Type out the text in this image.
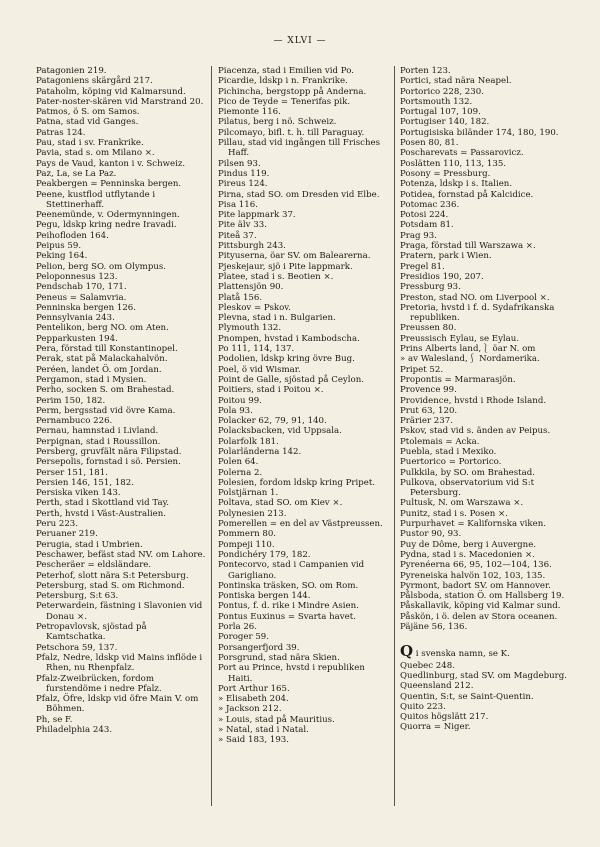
— XLVI —

Patagonien 219.

Patagoniens skärgård 217.

Pataholm, köping vid Kalmarsund.

Pater-noster-skären vid Marstrand 20.

Patmos, ö S. om Samos.

Patna, stad vid Ganges.

Patras 124.

Pau, stad i sv. Frankrike.

Pavia, stad s. om Milano ×.

Pays de Vaud, kanton i v. Schweiz.

Paz, La, se La Paz.

Peakbergen = Penninska bergen.

Peene, kustflod utflytande i Stettinerhaff.

Peenemünde, v. Odermynningen.

Pegu, ldskp kring nedre Iravadi.

Peihofloden 164.

Peipus 59.

Peking 164.

Pelion, berg SO. om Olympus.

Peloponnesus 123.

Pendschab 170, 171.

Peneus = Salamvria.

Penninska bergen 126.

Pennsylvania 243.

Pentelikon, berg NO. om Aten.

Pepparkusten 194.

Pera, förstad till Konstantinopel.

Perak, stat på Malackahalvön.

Peréen, landet Ö. om Jordan.

Pergamon, stad i Mysien.

Perho, socken S. om Brahestad.

Perim 150, 182.

Perm, bergsstad vid övre Kama.

Pernambuco 226.

Pernau, hamnstad i Livland.

Perpignan, stad i Roussillon.

Persberg, gruvfält nära Filipstad.

Persepolis, fornstad i sö. Persien.

Perser 151, 181.

Persien 146, 151, 182.

Persiska viken 143.

Perth, stad i Skottland vid Tay.

Perth, hvstd i Väst-Australien.

Peru 223.

Peruaner 219.

Perugia, stad i Umbrien.

Peschawer, befäst stad NV. om Lahore.

Pescheräer = eldsländare.

Peterhof, slott nära S:t Petersburg.

Petersburg, stad S. om Richmond.

Petersburg, S:t 63.

Peterwardein, fästning i Slavonien vid Donau ×.

Petropavlovsk, sjöstad på Kamtschatka.

Petschora 59, 137.

Pfalz, Nedre, ldskp vid Mains inflöde i Rhen, nu Rhenpfalz.

Pfalz-Zweibrücken, fordom furstendöme i nedre Pfalz.

Pfalz, Öfre, ldskp vid öfre Main V. om Böhmen.

Ph, se F.

Philadelphia 243.

Piacenza, stad i Emilien vid Po.

Picardie, ldskp i n. Frankrike.

Pichincha, bergstopp på Anderna.

Pico de Teyde = Tenerifas pik.

Piemonte 116.

Pilatus, berg i nö. Schweiz.

Pilcomayo, bifl. t. h. till Paraguay.

Pillau, stad vid ingången till Frisches Haff.

Pilsen 93.

Pindus 119.

Pireus 124.

Pirna, stad SO. om Dresden vid Elbe.

Pisa 116.

Pite lappmark 37.

Pite älv 33.

Piteå 37.

Pittsburgh 243.

Pityuserna, öar SV. om Balearerna.

Pjeskejaur, sjö i Pite lappmark.

Platee, stad i s. Beotien ×.

Plattensjön 90.

Platå 156.

Pleskov = Pskov.

Plevna, stad i n. Bulgarien.

Plymouth 132.

Pnompen, hvstad i Kambodscha.

Po 111, 114, 137.

Podolien, ldskp kring övre Bug.

Poel, ö vid Wismar.

Point de Galle, sjöstad på Ceylon.

Poitiers, stad i Poitou ×.

Poitou 99.

Pola 93.

Polacker 62, 79, 91, 140.

Polacksbacken, vid Uppsala.

Polarfolk 181.

Polarländerna 142.

Polen 64.

Polerna 2.

Polesien, fordom ldskp kring Pripet.

Polstjärnan 1.

Poltava, stad SO. om Kiev ×.

Polynesien 213.

Pomerellen = en del av Västpreussen.

Pommern 80.

Pompeji 110.

Pondichéry 179, 182.

Pontecorvo, stad i Campanien vid Garigliano.

Pontinska träsken, SO. om Rom.

Pontiska bergen 144.

Pontus, f. d. rike i Mindre Asien.

Pontus Euxinus = Svarta havet.

Porla 26.

Poroger 59.

Porsangerfjord 39.

Porsgrund, stad nära Skien.

Port au Prince, hvstd i republiken Haiti.

Port Arthur 165.

» Elisabeth 204.

» Jackson 212.

» Louis, stad på Mauritius.

» Natal, stad i Natal.

» Said 183, 193.

Porten 123.

Portici, stad nära Neapel.

Portorico 228, 230.

Portsmouth 132.

Portugal 107, 109.

Portugiser 140, 182.

Portugisiska biländer 174, 180, 190.

Posen 80, 81.

Poscharevats = Passarovicz.

Poslätten 110, 113, 135.

Posony = Pressburg.

Potenza, ldskp i s. Italien.

Potidea, fornstad på Kalcidice.

Potomac 236.

Potosi 224.

Potsdam 81.

Prag 93.

Praga, förstad till Warszawa ×.

Pratern, park i Wien.

Pregel 81.

Presidios 190, 207.

Pressburg 93.

Preston, stad NO. om Liverpool ×.

Pretoria, hvstd i f. d. Sydafrikanska republiken.

Preussen 80.

Preussisch Eylau, se Eylau.

Prins Alberts land,⎱ öar N. om

» av Walesland,⎰ Nordamerika.

Pripet 52.

Propontis = Marmarasjön.

Provence 99.

Providence, hvstd i Rhode Island.

Prut 63, 120.

Prärier 237.

Pskov, stad vid s. änden av Peipus.

Ptolemais = Acka.

Puebla, stad i Mexiko.

Puertorico = Portorico.

Pulkkila, by SO. om Brahestad.

Pulkova, observatorium vid S:t Petersburg.

Pultusk, N. om Warszawa ×.

Punitz, stad i s. Posen ×.

Purpurhavet = Kalifornska viken.

Pustor 90, 93.

Puy de Dôme, berg i Auvergne.

Pydna, stad i s. Macedonien ×.

Pyrenéerna 66, 95, 102—104, 136.

Pyreneiska halvön 102, 103, 135.

Pyrmont, badort SV. om Hannover.

Pålsboda, station Ö. om Hallsberg 19.

Påskallavik, köping vid Kalmar sund.

Påskön, i ö. delen av Stora oceanen.

Päjäne 56, 136.

Q i svenska namn, se K.

Quebec 248.

Quedlinburg, stad SV. om Magdeburg.

Queensland 212.

Quentin, S:t, se Saint-Quentin.

Quito 223.

Quitos högslätt 217.

Quorra = Niger.
